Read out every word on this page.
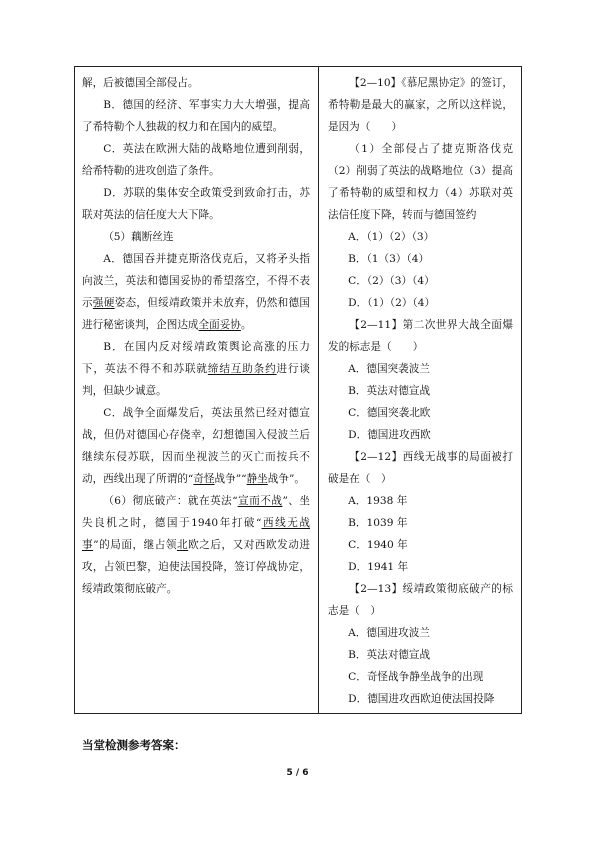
解，后被德国全部侵占。

B．德国的经济、军事实力大大增强，提高了希特勒个人独裁的权力和在国内的威望。

C．英法在欧洲大陆的战略地位遭到削弱，给希特勒的进攻创造了条件。

D．苏联的集体安全政策受到致命打击，苏联对英法的信任度大大下降。

（5）藕断丝连

A．德国吞并捷克斯洛伐克后，又将矛头指向波兰，英法和德国妥协的希望落空，不得不表示强硬姿态，但绥靖政策并未放弃，仍然和德国进行秘密谈判，企图达成全面妥协。

B．在国内反对绥靖政策舆论高涨的压力下，英法不得不和苏联就缔结互助条约进行谈判，但缺少诚意。

C．战争全面爆发后，英法虽然已经对德宣战，但仍对德国心存侥幸，幻想德国入侵波兰后继续东侵苏联，因而坐视波兰的灭亡而按兵不动，西线出现了所谓的“奇怪战争”“静坐战争”。

（6）彻底破产：就在英法“宣而不战”、坐失良机之时，德国于1940年打破“西线无战事”的局面，继占领北欧之后，又对西欧发动进攻，占领巴黎，迫使法国投降，签订停战协定，绥靖政策彻底破产。

【2—10】《慕尼黑协定》的签订，希特勒是最大的赢家，之所以这样说，是因为（　　）

（1）全部侵占了捷克斯洛伐克（2）削弱了英法的战略地位（3）提高了希特勒的威望和权力（4）苏联对英法信任度下降，转而与德国签约

A．（1）（2）（3）

B．（1（3）（4）

C．（2）（3）（4）

D．（1）（2）（4）

【2—11】第二次世界大战全面爆发的标志是（　　）

A．德国突袭波兰

B．英法对德宣战

C．德国突袭北欧

D．德国进攻西欧

【2—12】西线无战事的局面被打破是在（　）

A．1938 年

B．1039 年

C．1940 年

D．1941 年

【2—13】绥靖政策彻底破产的标志是（　）

A．德国进攻波兰

B．英法对德宣战

C．奇怪战争静坐战争的出现

D．德国进攻西欧迫使法国投降

当堂检测参考答案：
5 / 6
